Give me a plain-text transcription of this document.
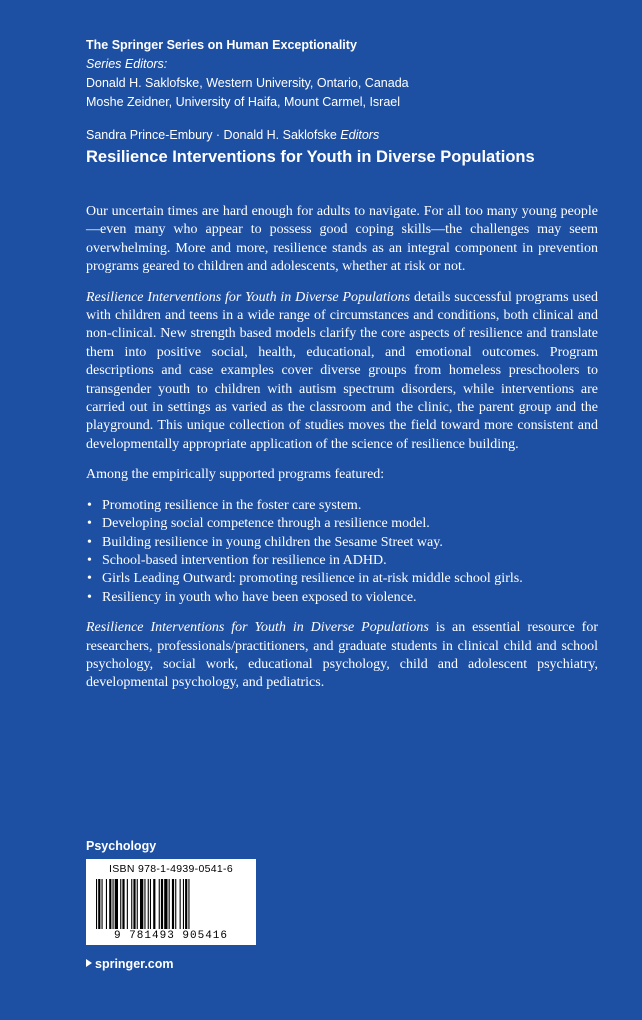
The Springer Series on Human Exceptionality
Series Editors:
Donald H. Saklofske, Western University, Ontario, Canada
Moshe Zeidner, University of Haifa, Mount Carmel, Israel
Sandra Prince-Embury · Donald H. Saklofske Editors
Resilience Interventions for Youth in Diverse Populations

Our uncertain times are hard enough for adults to navigate. For all too many young people—even many who appear to possess good coping skills—the challenges may seem overwhelming. More and more, resilience stands as an integral component in prevention programs geared to children and adolescents, whether at risk or not.

Resilience Interventions for Youth in Diverse Populations details successful programs used with children and teens in a wide range of circumstances and conditions, both clinical and non-clinical. New strength based models clarify the core aspects of resilience and translate them into positive social, health, educational, and emotional outcomes. Program descriptions and case examples cover diverse groups from homeless preschoolers to transgender youth to children with autism spectrum disorders, while interventions are carried out in settings as varied as the classroom and the clinic, the parent group and the playground. This unique collection of studies moves the field toward more consistent and developmentally appropriate application of the science of resilience building.

Among the empirically supported programs featured:

• Promoting resilience in the foster care system.
• Developing social competence through a resilience model.
• Building resilience in young children the Sesame Street way.
• School-based intervention for resilience in ADHD.
• Girls Leading Outward: promoting resilience in at-risk middle school girls.
• Resiliency in youth who have been exposed to violence.

Resilience Interventions for Youth in Diverse Populations is an essential resource for researchers, professionals/practitioners, and graduate students in clinical child and school psychology, social work, educational psychology, child and adolescent psychiatry, developmental psychology, and pediatrics.

Psychology
ISBN 978-1-4939-0541-6
9 781493 905416
springer.com
